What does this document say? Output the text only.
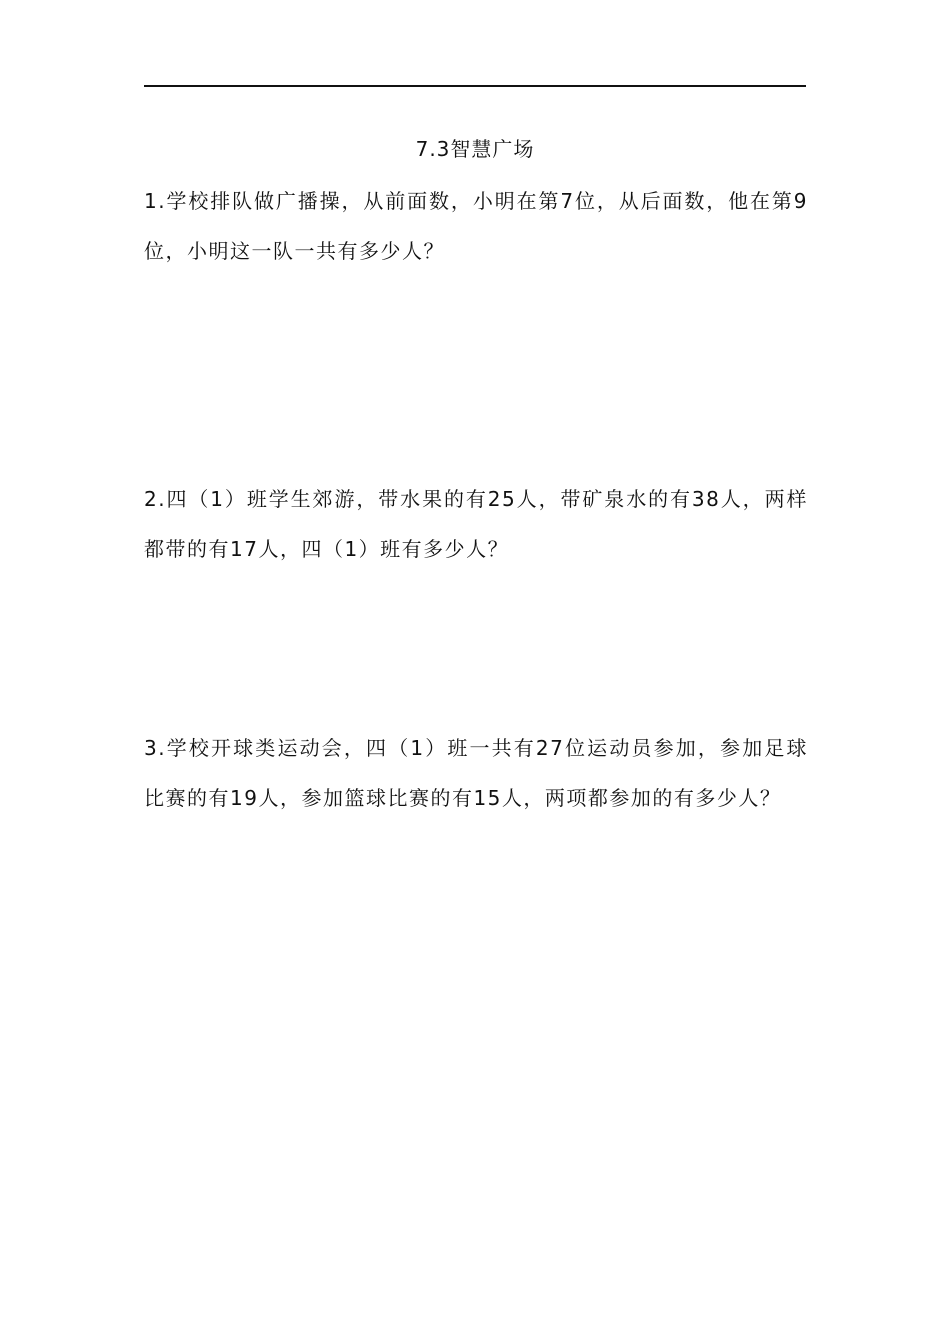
7.3智慧广场
1.学校排队做广播操，从前面数，小明在第7位，从后面数，他在第9位，小明这一队一共有多少人？
2.四（1）班学生郊游，带水果的有25人，带矿泉水的有38人，两样都带的有17人，四（1）班有多少人？
3.学校开球类运动会，四（1）班一共有27位运动员参加，参加足球比赛的有19人，参加篮球比赛的有15人，两项都参加的有多少人？
